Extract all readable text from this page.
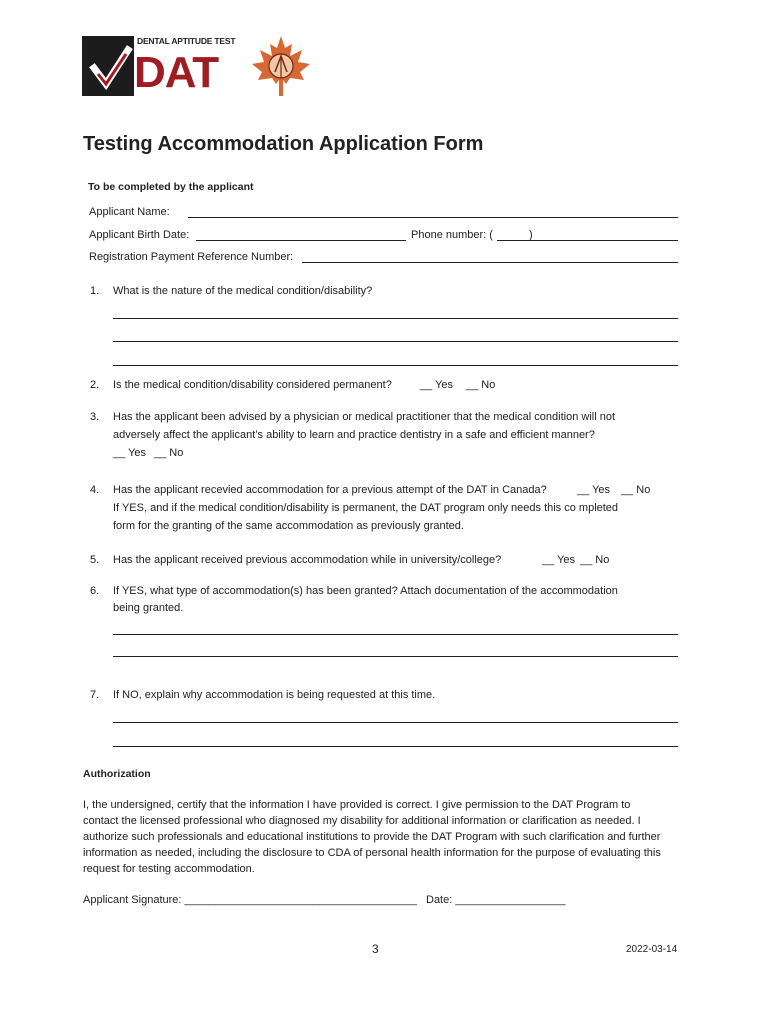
DENTAL APTITUDE TEST
DAT
Testing Accommodation Application Form
To be completed by the applicant
Applicant Name:
Applicant Birth Date:	Phone number: (	)
Registration Payment Reference Number:
1. What is the nature of the medical condition/disability?
2. Is the medical condition/disability considered permanent?	__ Yes __ No
3. Has the applicant been advised by a physician or medical practitioner that the medical condition will not
adversely affect the applicant’s ability to learn and practice dentistry in a safe and efficient manner?
__ Yes __ No
4. Has the applicant recevied accommodation for a previous attempt of the DAT in Canada?	__ Yes __ No
If YES, and if the medical condition/disability is permanent, the DAT program only needs this co mpleted
form for the granting of the same accommodation as previously granted.
5. Has the applicant received previous accommodation while in university/college?	__ Yes __ No
6. If YES, what type of accommodation(s) has been granted? Attach documentation of the accommodation
being granted.
7. If NO, explain why accommodation is being requested at this time.
Authorization
I, the undersigned, certify that the information I have provided is correct. I give permission to the DAT Program to
contact the licensed professional who diagnosed my disability for additional information or clarification as needed. I
authorize such professionals and educational institutions to provide the DAT Program with such clarification and further
information as needed, including the disclosure to CDA of personal health information for the purpose of evaluating this
request for testing accommodation.
Applicant Signature: ______________________________________ Date: __________________
3	2022-03-14
